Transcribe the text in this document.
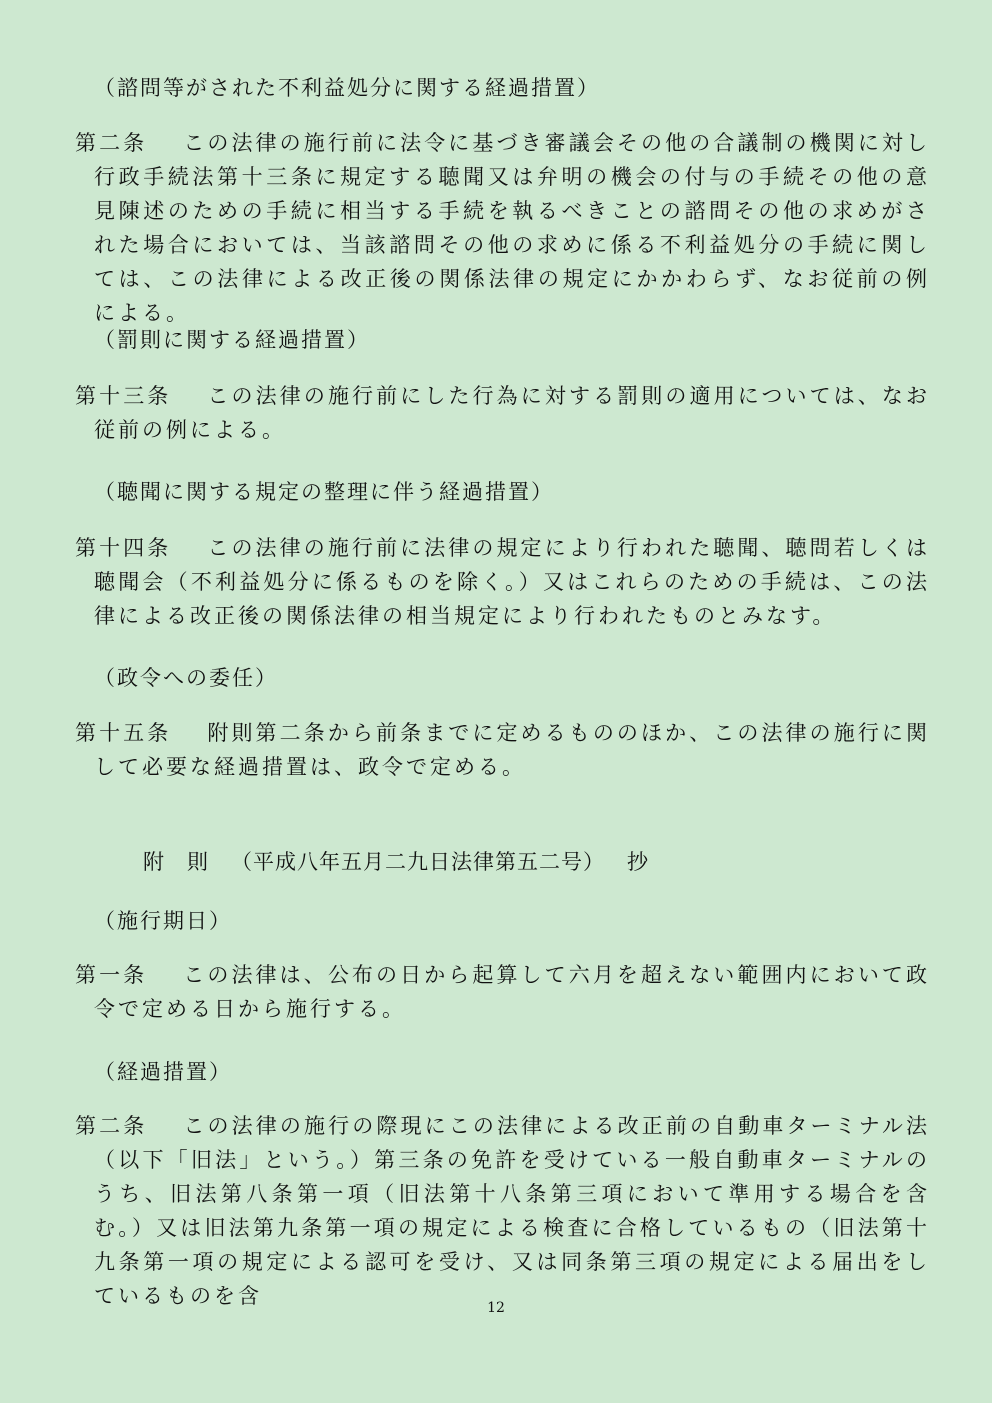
（諮問等がされた不利益処分に関する経過措置）
第二条 この法律の施行前に法令に基づき審議会その他の合議制の機関に対し行政手続法第十三条に規定する聴聞又は弁明の機会の付与の手続その他の意見陳述のための手続に相当する手続を執るべきことの諮問その他の求めがされた場合においては、当該諮問その他の求めに係る不利益処分の手続に関しては、この法律による改正後の関係法律の規定にかかわらず、なお従前の例による。
（罰則に関する経過措置）
第十三条 この法律の施行前にした行為に対する罰則の適用については、なお従前の例による。
（聴聞に関する規定の整理に伴う経過措置）
第十四条 この法律の施行前に法律の規定により行われた聴聞、聴問若しくは聴聞会（不利益処分に係るものを除く。）又はこれらのための手続は、この法律による改正後の関係法律の相当規定により行われたものとみなす。
（政令への委任）
第十五条 附則第二条から前条までに定めるもののほか、この法律の施行に関して必要な経過措置は、政令で定める。
附 則 （平成八年五月二九日法律第五二号） 抄
（施行期日）
第一条 この法律は、公布の日から起算して六月を超えない範囲内において政令で定める日から施行する。
（経過措置）
第二条 この法律の施行の際現にこの法律による改正前の自動車ターミナル法（以下「旧法」という。）第三条の免許を受けている一般自動車ターミナルのうち、旧法第八条第一項（旧法第十八条第三項において準用する場合を含む。）又は旧法第九条第一項の規定による検査に合格しているもの（旧法第十九条第一項の規定による認可を受け、又は同条第三項の規定による届出をしているものを含	12
